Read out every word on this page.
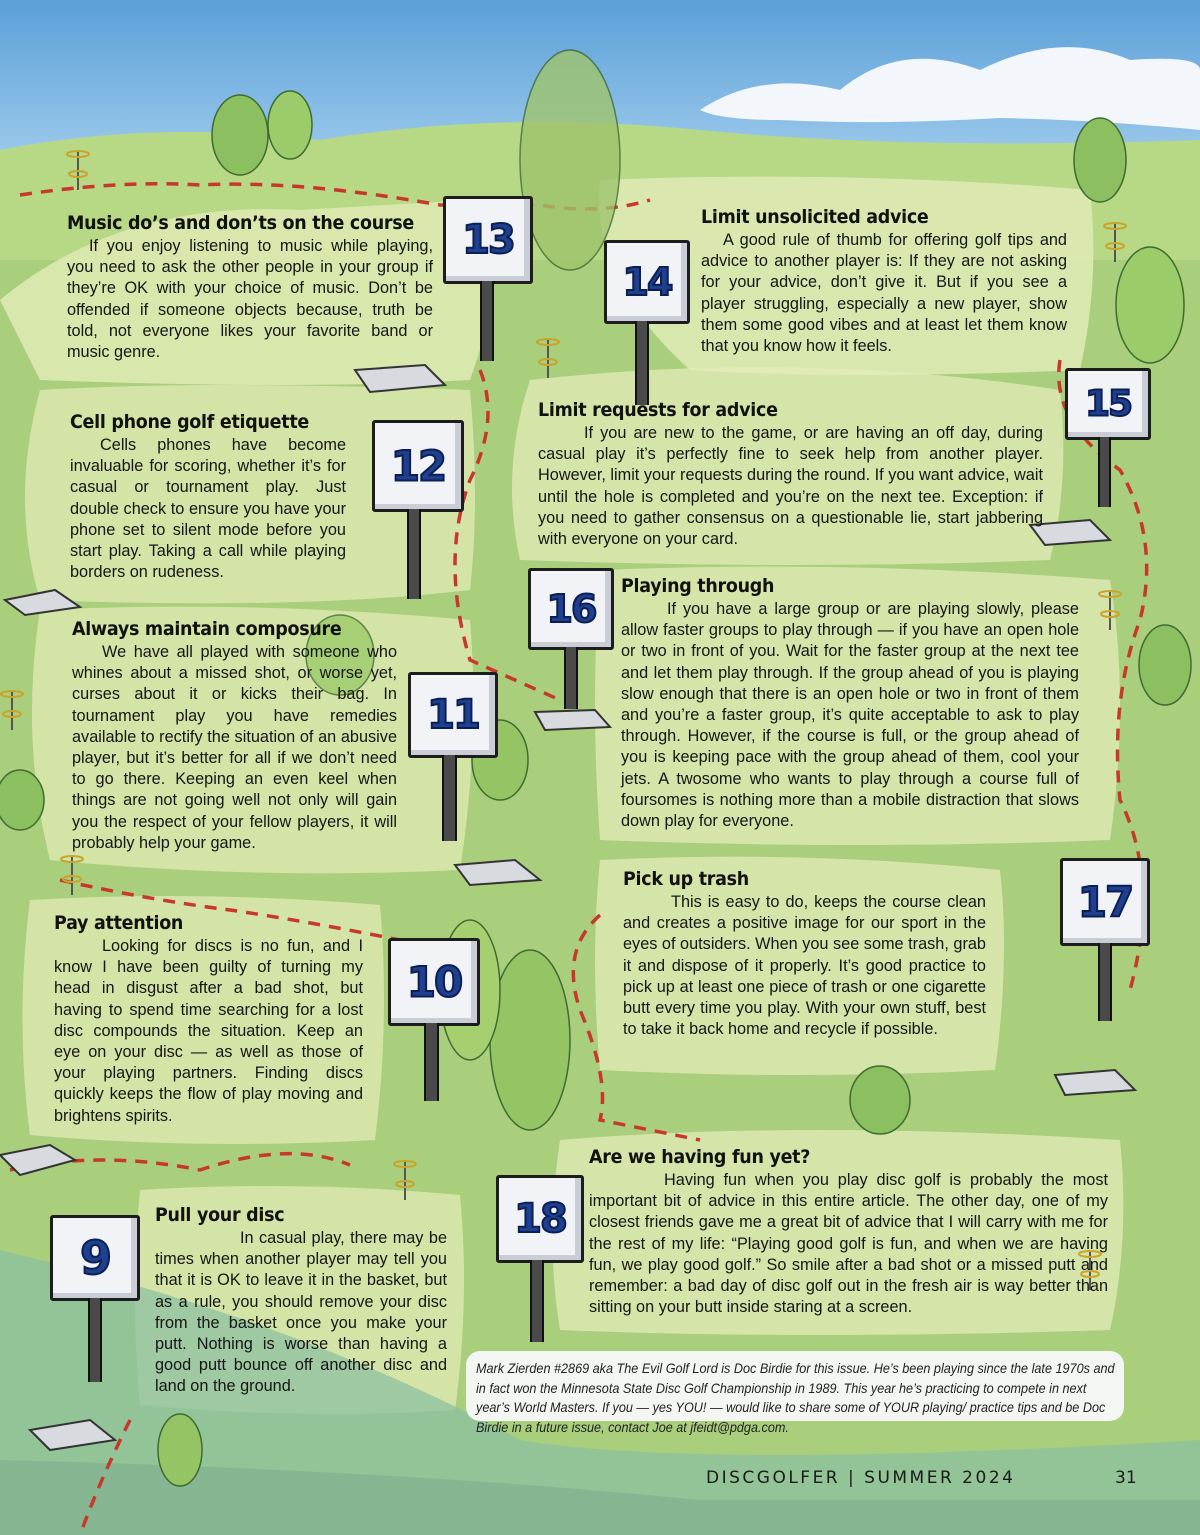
13
14
12
15
16
11
17
10
18
9
Music do’s and don’ts on the course

If you enjoy listening to music while playing, you need to ask the other people in your group if they’re OK with your choice of music. Don’t be offended if someone objects because, truth be told, not everyone likes your favorite band or music genre.

Limit unsolicited advice

A good rule of thumb for offering golf tips and advice to another player is: If they are not asking for your advice, don’t give it. But if you see a player struggling, especially a new player, show them some good vibes and at least let them know that you know how it feels.

Limit requests for advice

If you are new to the game, or are having an off day, during casual play it’s perfectly fine to seek help from another player. However, limit your requests during the round. If you want advice, wait until the hole is completed and you’re on the next tee. Exception: if you need to gather consensus on a questionable lie, start jabbering with everyone on your card.

Cell phone golf etiquette

Cells phones have become invaluable for scoring, whether it’s for casual or tournament play. Just double check to ensure you have your phone set to silent mode before you start play. Taking a call while playing borders on rudeness.

Playing through

If you have a large group or are playing slowly, please allow faster groups to play through — if you have an open hole or two in front of you. Wait for the faster group at the next tee and let them play through. If the group ahead of you is playing slow enough that there is an open hole or two in front of them and you’re a faster group, it’s quite acceptable to ask to play through. However, if the course is full, or the group ahead of you is keeping pace with the group ahead of them, cool your jets. A twosome who wants to play through a course full of foursomes is nothing more than a mobile distraction that slows down play for everyone.

Always maintain composure

We have all played with someone who whines about a missed shot, or worse yet, curses about it or kicks their bag. In tournament play you have remedies available to rectify the situation of an abusive player, but it’s better for all if we don’t need to go there. Keeping an even keel when things are not going well not only will gain you the respect of your fellow players, it will probably help your game.

Pick up trash

This is easy to do, keeps the course clean and creates a positive image for our sport in the eyes of outsiders. When you see some trash, grab it and dispose of it properly. It’s good practice to pick up at least one piece of trash or one cigarette butt every time you play. With your own stuff, best to take it back home and recycle if possible.

Pay attention

Looking for discs is no fun, and I know I have been guilty of turning my head in disgust after a bad shot, but having to spend time searching for a lost disc compounds the situation. Keep an eye on your disc — as well as those of your playing partners. Finding discs quickly keeps the flow of play moving and brightens spirits.

Are we having fun yet?

Having fun when you play disc golf is probably the most important bit of advice in this entire article. The other day, one of my closest friends gave me a great bit of advice that I will carry with me for the rest of my life: “Playing good golf is fun, and when we are having fun, we play good golf.” So smile after a bad shot or a missed putt and remember: a bad day of disc golf out in the fresh air is way better than sitting on your butt inside staring at a screen.

Pull your disc

In casual play, there may be times when another player may tell you that it is OK to leave it in the basket, but as a rule, you should remove your disc from the basket once you make your putt. Nothing is worse than having a good putt bounce off another disc and land on the ground.

Mark Zierden #2869 aka The Evil Golf Lord is Doc Birdie for this issue. He’s been playing since the late 1970s and in fact won the Minnesota State Disc Golf Championship in 1989. This year he’s practicing to compete in next year’s World Masters. If you — yes YOU! — would like to share some of YOUR playing/ practice tips and be Doc Birdie in a future issue, contact Joe at jfeidt@pdga.com.

DISCGOLFER | SUMMER 2024	31
